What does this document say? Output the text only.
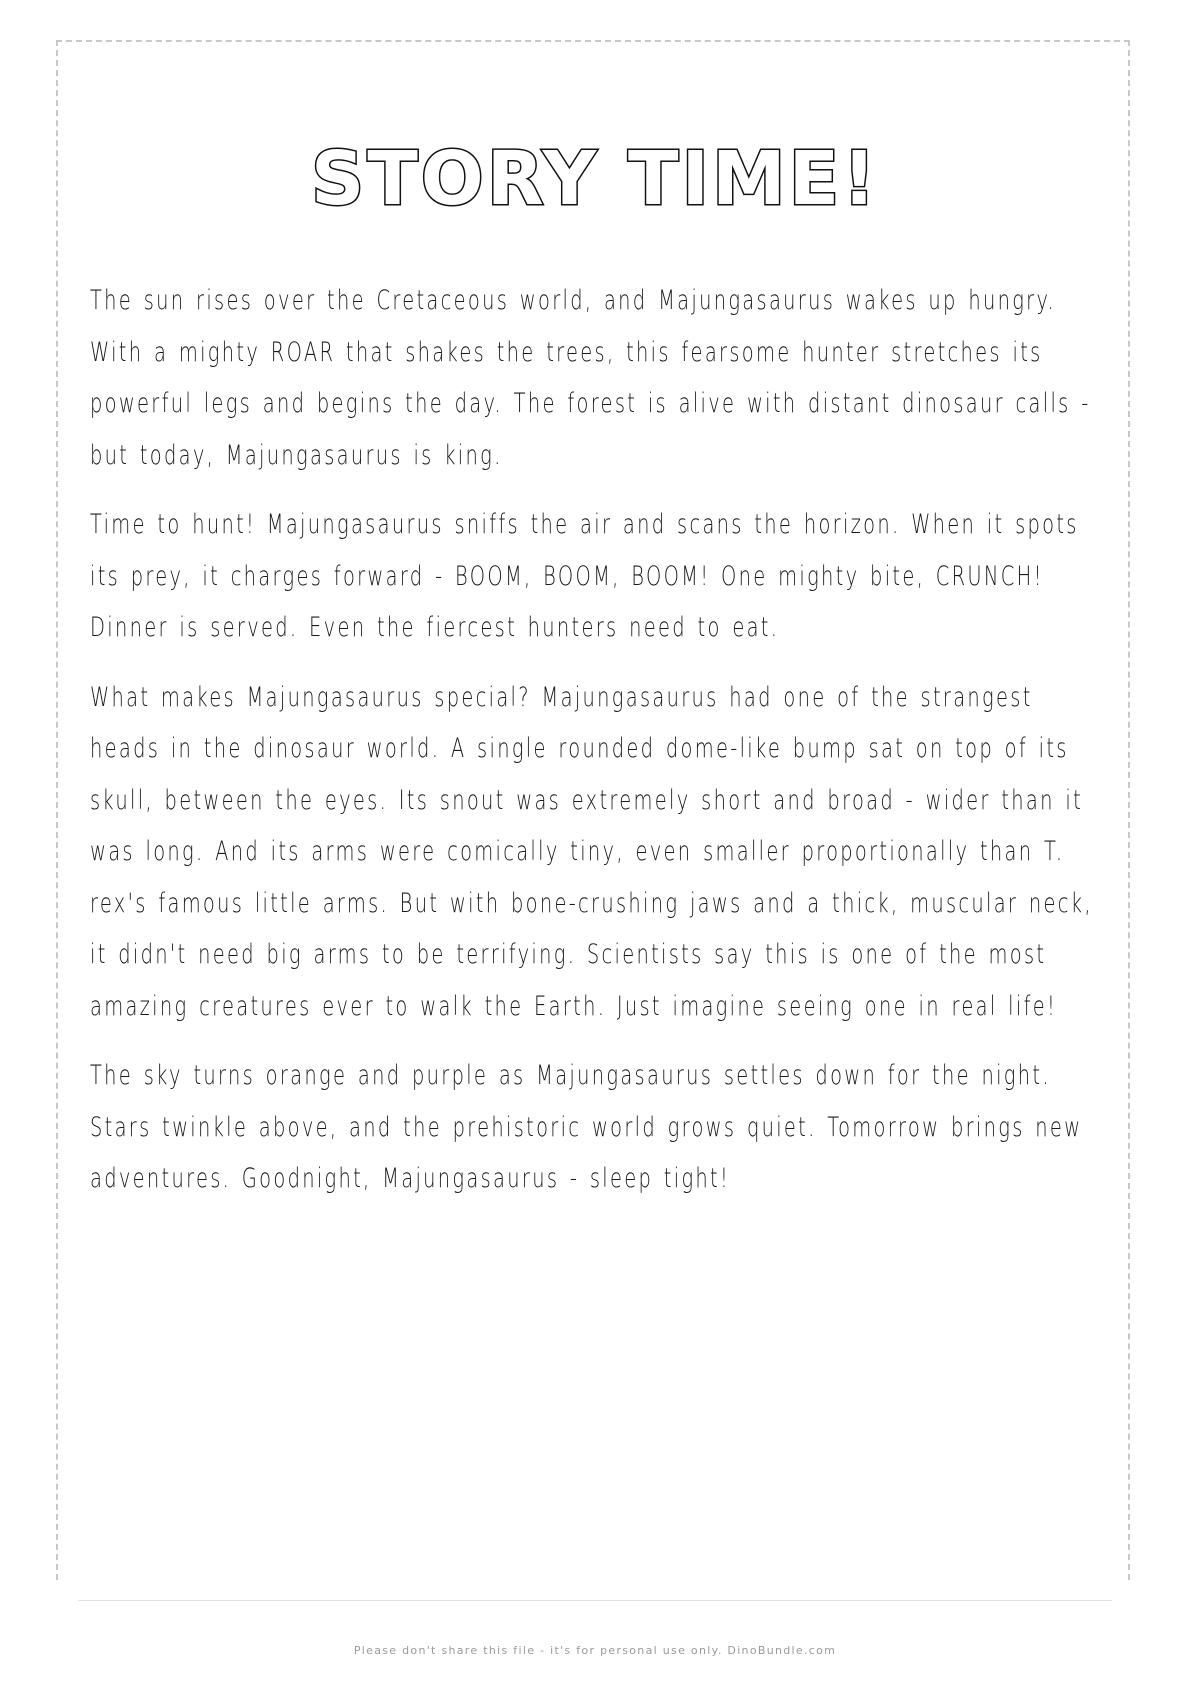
STORY TIME!

The sun rises over the Cretaceous world, and Majungasaurus wakes up hungry. With a mighty ROAR that shakes the trees, this fearsome hunter stretches its powerful legs and begins the day. The forest is alive with distant dinosaur calls - but today, Majungasaurus is king.

Time to hunt! Majungasaurus sniffs the air and scans the horizon. When it spots its prey, it charges forward - BOOM, BOOM, BOOM! One mighty bite, CRUNCH! Dinner is served. Even the fiercest hunters need to eat.

What makes Majungasaurus special? Majungasaurus had one of the strangest heads in the dinosaur world. A single rounded dome-like bump sat on top of its skull, between the eyes. Its snout was extremely short and broad - wider than it was long. And its arms were comically tiny, even smaller proportionally than T. rex's famous little arms. But with bone-crushing jaws and a thick, muscular neck, it didn't need big arms to be terrifying. Scientists say this is one of the most amazing creatures ever to walk the Earth. Just imagine seeing one in real life!

The sky turns orange and purple as Majungasaurus settles down for the night. Stars twinkle above, and the prehistoric world grows quiet. Tomorrow brings new adventures. Goodnight, Majungasaurus - sleep tight!

Please don't share this file - it's for personal use only. DinoBundle.com
